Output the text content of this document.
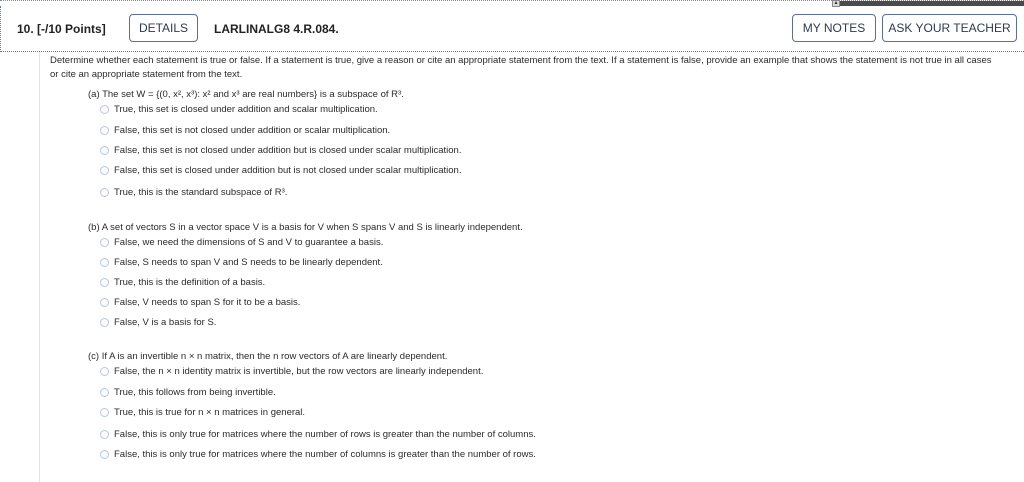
▴
10. [-/10 Points]	DETAILS	LARLINALG8 4.R.084.	MY NOTES	ASK YOUR TEACHER
Determine whether each statement is true or false. If a statement is true, give a reason or cite an appropriate statement from the text. If a statement is false, provide an example that shows the statement is not true in all cases or cite an appropriate statement from the text.
(a) The set W = {(0, x², x³): x² and x³ are real numbers} is a subspace of R³.
True, this set is closed under addition and scalar multiplication.
False, this set is not closed under addition or scalar multiplication.
False, this set is not closed under addition but is closed under scalar multiplication.
False, this set is closed under addition but is not closed under scalar multiplication.
True, this is the standard subspace of R³.
(b) A set of vectors S in a vector space V is a basis for V when S spans V and S is linearly independent.
False, we need the dimensions of S and V to guarantee a basis.
False, S needs to span V and S needs to be linearly dependent.
True, this is the definition of a basis.
False, V needs to span S for it to be a basis.
False, V is a basis for S.
(c) If A is an invertible n × n matrix, then the n row vectors of A are linearly dependent.
False, the n × n identity matrix is invertible, but the row vectors are linearly independent.
True, this follows from being invertible.
True, this is true for n × n matrices in general.
False, this is only true for matrices where the number of rows is greater than the number of columns.
False, this is only true for matrices where the number of columns is greater than the number of rows.
